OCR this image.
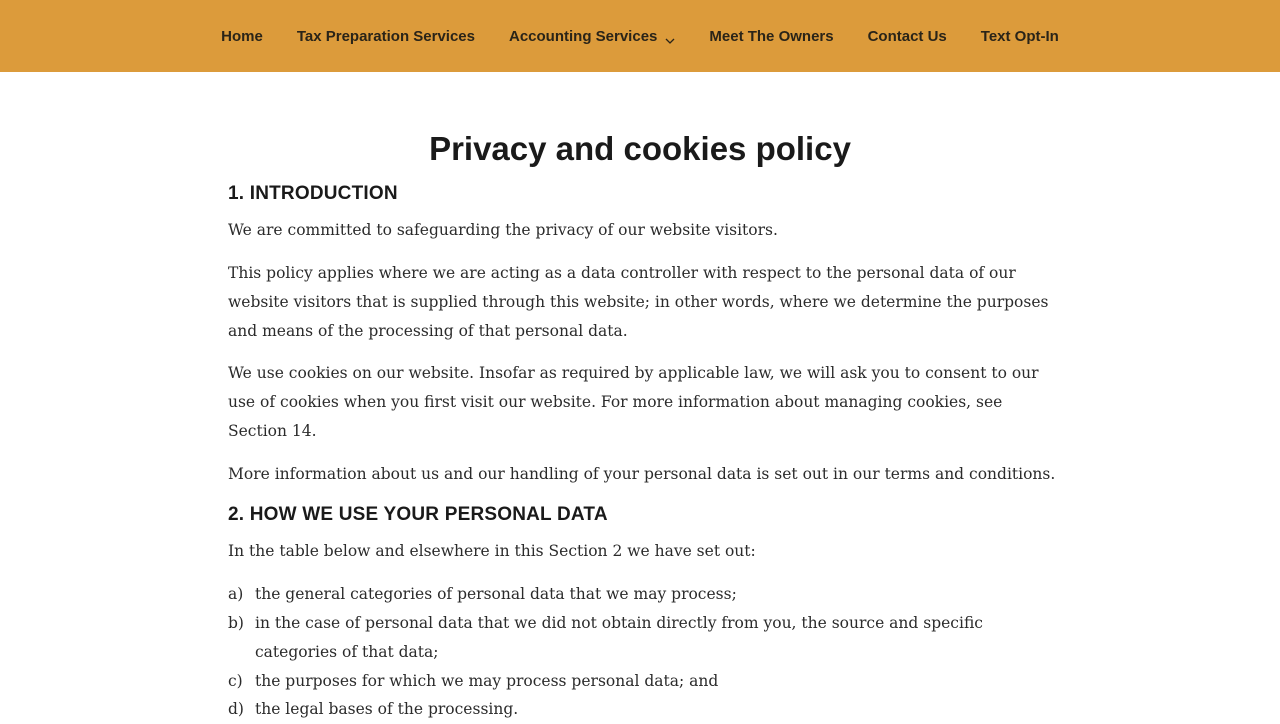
Home Tax Preparation Services Accounting Services	Meet The Owners Contact Us Text Opt-In
Privacy and cookies policy
1. INTRODUCTION

We are committed to safeguarding the privacy of our website visitors.

This policy applies where we are acting as a data controller with respect to the personal data of our website visitors that is supplied through this website; in other words, where we determine the purposes and means of the processing of that personal data.

We use cookies on our website. Insofar as required by applicable law, we will ask you to consent to our use of cookies when you first visit our website. For more information about managing cookies, see Section 14.

More information about us and our handling of your personal data is set out in our terms and conditions.

2. HOW WE USE YOUR PERSONAL DATA

In the table below and elsewhere in this Section 2 we have set out:

a) the general categories of personal data that we may process;
b) in the case of personal data that we did not obtain directly from you, the source and specific categories of that data;
c) the purposes for which we may process personal data; and
d) the legal bases of the processing.
